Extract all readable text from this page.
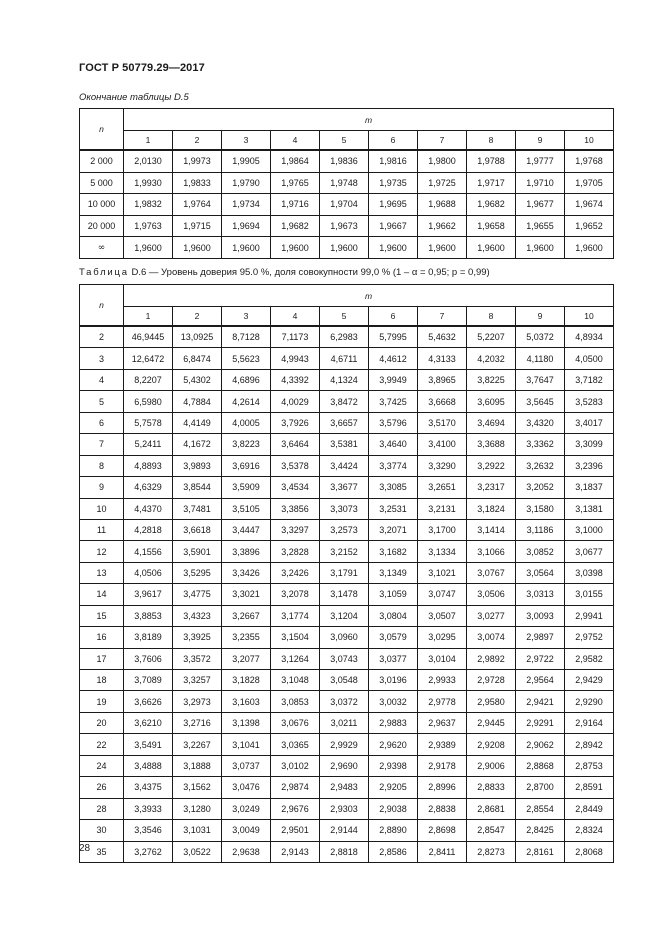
ГОСТ Р 50779.29—2017
Окончание таблицы D.5
n	m									
	1	2	3	4	5	6	7	8	9	10
2 000	2,0130	1,9973	1,9905	1,9864	1,9836	1,9816	1,9800	1,9788	1,9777	1,9768
5 000	1,9930	1,9833	1,9790	1,9765	1,9748	1,9735	1,9725	1,9717	1,9710	1,9705
10 000	1,9832	1,9764	1,9734	1,9716	1,9704	1,9695	1,9688	1,9682	1,9677	1,9674
20 000	1,9763	1,9715	1,9694	1,9682	1,9673	1,9667	1,9662	1,9658	1,9655	1,9652
∞	1,9600	1,9600	1,9600	1,9600	1,9600	1,9600	1,9600	1,9600	1,9600	1,9600
Таблица D.6 — Уровень доверия 95.0 %, доля совокупности 99,0 % (1 – α = 0,95; p = 0,99)
n	m									
	1	2	3	4	5	6	7	8	9	10
2	46,9445	13,0925	8,7128	7,1173	6,2983	5,7995	5,4632	5,2207	5,0372	4,8934
3	12,6472	6,8474	5,5623	4,9943	4,6711	4,4612	4,3133	4,2032	4,1180	4,0500
4	8,2207	5,4302	4,6896	4,3392	4,1324	3,9949	3,8965	3,8225	3,7647	3,7182
5	6,5980	4,7884	4,2614	4,0029	3,8472	3,7425	3,6668	3,6095	3,5645	3,5283
6	5,7578	4,4149	4,0005	3,7926	3,6657	3,5796	3,5170	3,4694	3,4320	3,4017
7	5,2411	4,1672	3,8223	3,6464	3,5381	3,4640	3,4100	3,3688	3,3362	3,3099
8	4,8893	3,9893	3,6916	3,5378	3,4424	3,3774	3,3290	3,2922	3,2632	3,2396
9	4,6329	3,8544	3,5909	3,4534	3,3677	3,3085	3,2651	3,2317	3,2052	3,1837
10	4,4370	3,7481	3,5105	3,3856	3,3073	3,2531	3,2131	3,1824	3,1580	3,1381
11	4,2818	3,6618	3,4447	3,3297	3,2573	3,2071	3,1700	3,1414	3,1186	3,1000
12	4,1556	3,5901	3,3896	3,2828	3,2152	3,1682	3,1334	3,1066	3,0852	3,0677
13	4,0506	3,5295	3,3426	3,2426	3,1791	3,1349	3,1021	3,0767	3,0564	3,0398
14	3,9617	3,4775	3,3021	3,2078	3,1478	3,1059	3,0747	3,0506	3,0313	3,0155
15	3,8853	3,4323	3,2667	3,1774	3,1204	3,0804	3,0507	3,0277	3,0093	2,9941
16	3,8189	3,3925	3,2355	3,1504	3,0960	3,0579	3,0295	3,0074	2,9897	2,9752
17	3,7606	3,3572	3,2077	3,1264	3,0743	3,0377	3,0104	2,9892	2,9722	2,9582
18	3,7089	3,3257	3,1828	3,1048	3,0548	3,0196	2,9933	2,9728	2,9564	2,9429
19	3,6626	3,2973	3,1603	3,0853	3,0372	3,0032	2,9778	2,9580	2,9421	2,9290
20	3,6210	3,2716	3,1398	3,0676	3,0211	2,9883	2,9637	2,9445	2,9291	2,9164
22	3,5491	3,2267	3,1041	3,0365	2,9929	2,9620	2,9389	2,9208	2,9062	2,8942
24	3,4888	3,1888	3,0737	3,0102	2,9690	2,9398	2,9178	2,9006	2,8868	2,8753
26	3,4375	3,1562	3,0476	2,9874	2,9483	2,9205	2,8996	2,8833	2,8700	2,8591
28	3,3933	3,1280	3,0249	2,9676	2,9303	2,9038	2,8838	2,8681	2,8554	2,8449
30	3,3546	3,1031	3,0049	2,9501	2,9144	2,8890	2,8698	2,8547	2,8425	2,8324
35	3,2762	3,0522	2,9638	2,9143	2,8818	2,8586	2,8411	2,8273	2,8161	2,8068
28
